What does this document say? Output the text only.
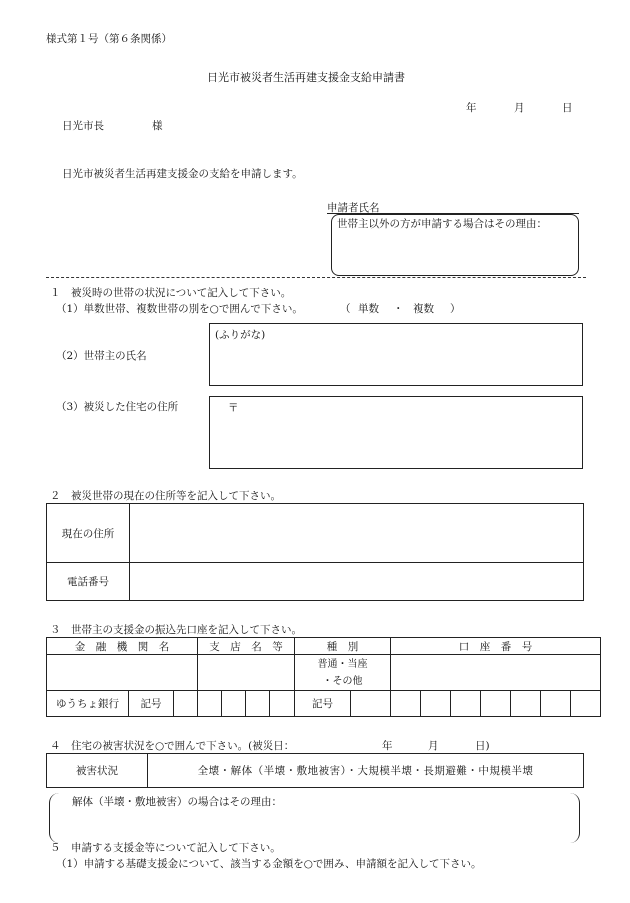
様式第１号（第６条関係）
日光市被災者生活再建支援金支給申請書
年	月	日
日光市長	様
日光市被災者生活再建支援金の支給を申請します。
申請者氏名
世帯主以外の方が申請する場合はその理由：
１　被災時の世帯の状況について記入して下さい。
（1）単数世帯、複数世帯の別を○で囲んで下さい。	（ 単数 ・ 複数 ）
（2）世帯主の氏名
(ふりがな)
（3）被災した住宅の住所	〒
２　被災世帯の現在の住所等を記入して下さい。
現在の住所	
電話番号	
３　世帯主の支援金の振込先口座を記入して下さい。
金　融　機　関　名			支　店　名　等				種　別		口　座　番　号						

							普通・当座
・その他								

ゆうちょ銀行	記号						記号								
４　住宅の被害状況を○で囲んで下さい。(被災日：	年	月	日)
被害状況	全壊・解体（半壊・敷地被害）・大規模半壊・長期避難・中規模半壊
解体（半壊・敷地被害）の場合はその理由：
５　申請する支援金等について記入して下さい。
（1）申請する基礎支援金について、該当する金額を○で囲み、申請額を記入して下さい。
